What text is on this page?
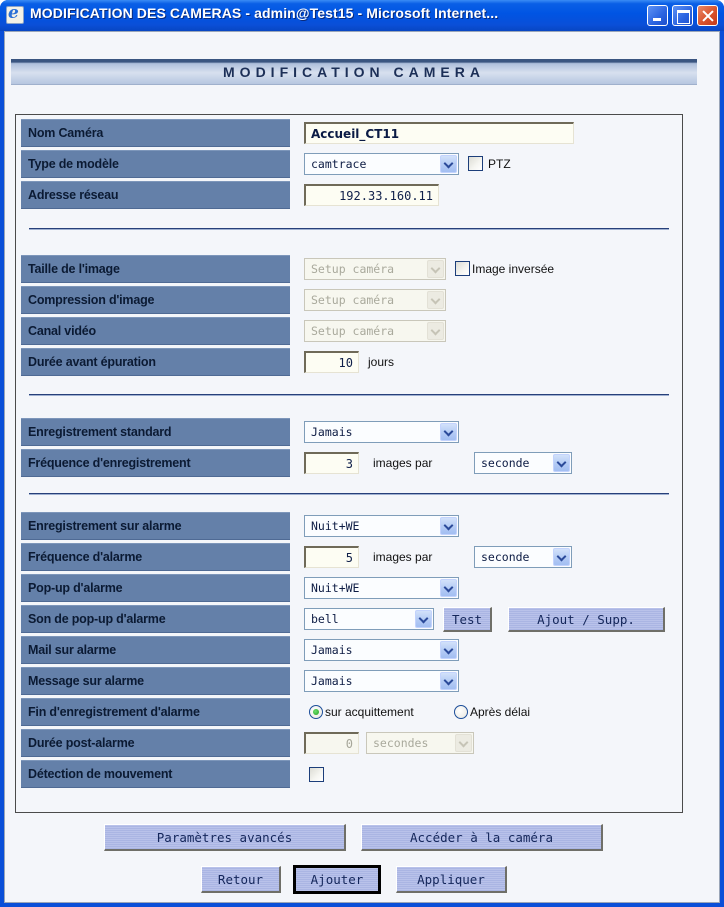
e
MODIFICATION DES CAMERAS - admin@Test15 - Microsoft Internet...
MODIFICATION CAMERA
Nom Caméra	Accueil_CT11
Type de modèle	camtrace	PTZ
Adresse réseau	192.33.160.11
Taille de l'image	Setup caméra	Image inversée
Compression d'image	Setup caméra
Canal vidéo	Setup caméra
Durée avant épuration	10	jours
Enregistrement standard	Jamais
Fréquence d'enregistrement	3	images par	seconde
Enregistrement sur alarme	Nuit+WE
Fréquence d'alarme	5	images par	seconde
Pop-up d'alarme	Nuit+WE
Son de pop-up d'alarme	bell	Test	Ajout / Supp.
Mail sur alarme	Jamais
Message sur alarme	Jamais
Fin d'enregistrement d'alarme	sur acquittement	Après délai
Durée post-alarme	0	secondes
Détection de mouvement
Paramètres avancés	Accéder à la caméra
Retour	Ajouter	Appliquer
